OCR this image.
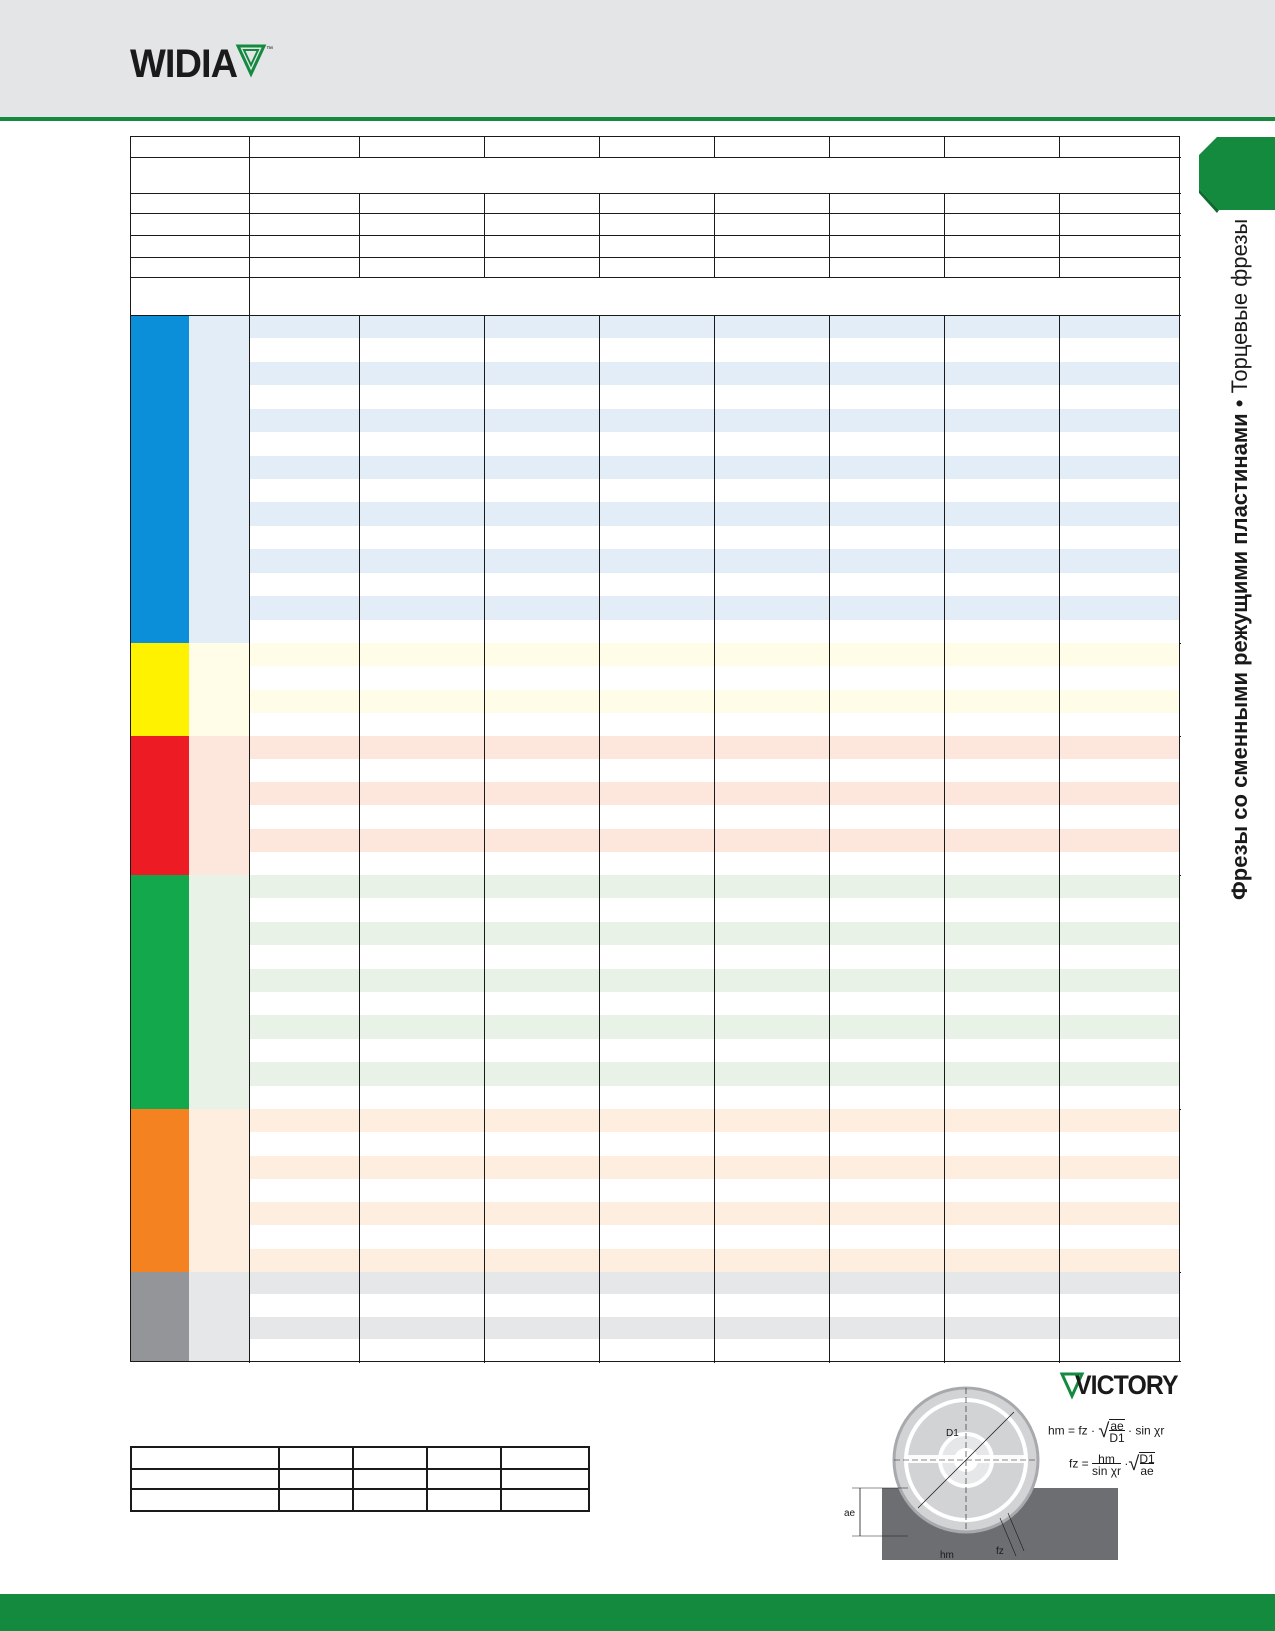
WIDIA	™
Фрезы со сменными режущими пластинами • Торцевые фрезы
VICTORY
D1
ae
hm	fz
hm = fz · $√\frac{ae}{D1} \cdot \sin \chi r$
fz = $\frac{hm}{\text{sin χr}} \cdot√\frac{D1}{ae}$
